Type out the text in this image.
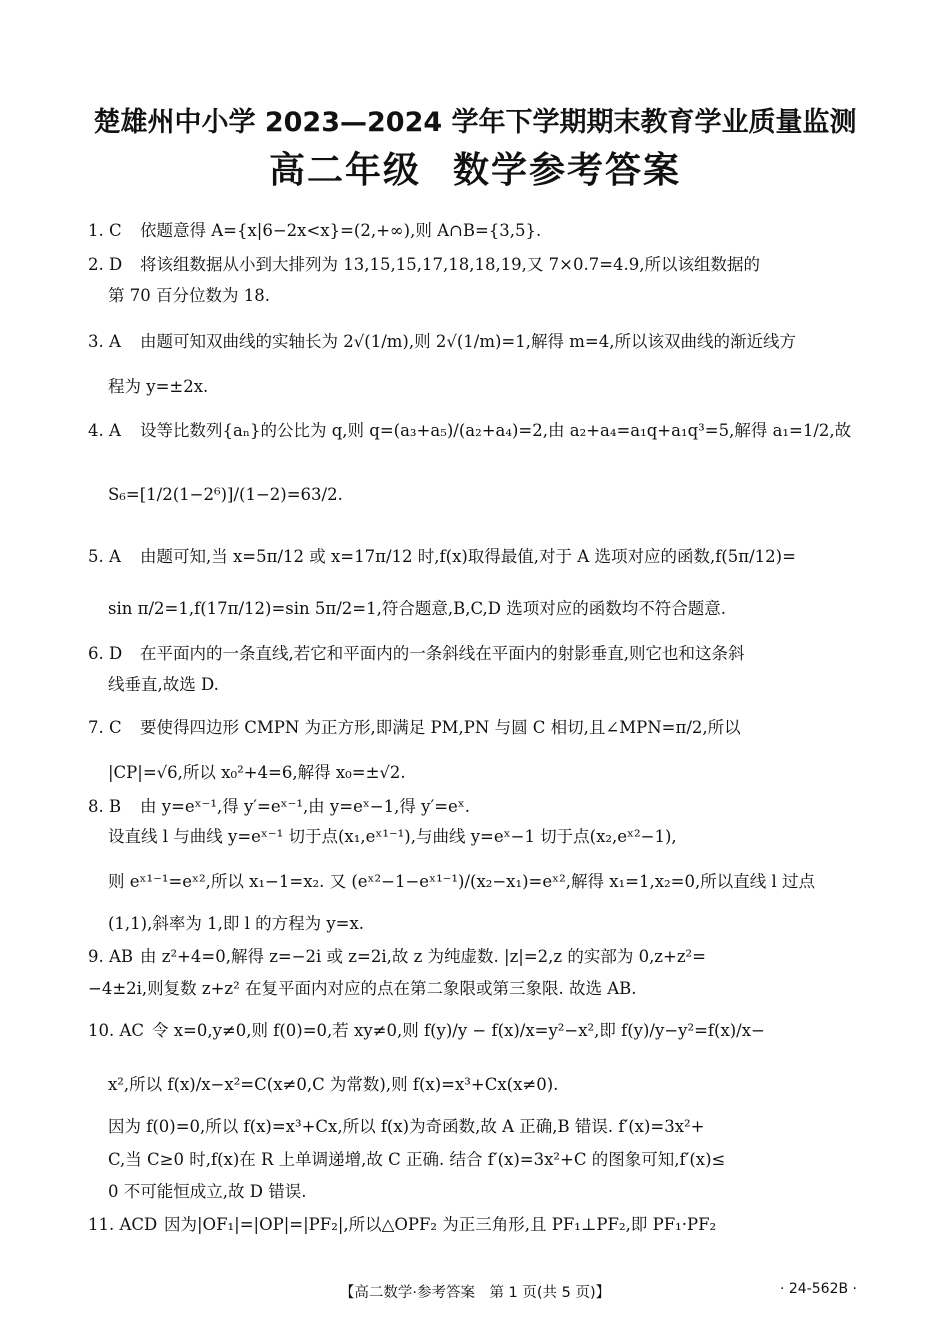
楚雄州中小学 2023—2024 学年下学期期末教育学业质量监测
高二年级 数学参考答案
1. C 依题意得 A={x|6−2x<x}=(2,+∞),则 A∩B={3,5}.
2. D 将该组数据从小到大排列为 13,15,15,17,18,18,19,又 7×0.7=4.9,所以该组数据的
第 70 百分位数为 18.
3. A 由题可知双曲线的实轴长为 2√(1/m),则 2√(1/m)=1,解得 m=4,所以该双曲线的渐近线方
程为 y=±2x.
4. A 设等比数列{aₙ}的公比为 q,则 q=(a₃+a₅)/(a₂+a₄)=2,由 a₂+a₄=a₁q+a₁q³=5,解得 a₁=1/2,故
S₆=[1/2(1−2⁶)]/(1−2)=63/2.
5. A 由题可知,当 x=5π/12 或 x=17π/12 时,f(x)取得最值,对于 A 选项对应的函数,f(5π/12)=
sin π/2=1,f(17π/12)=sin 5π/2=1,符合题意,B,C,D 选项对应的函数均不符合题意.
6. D 在平面内的一条直线,若它和平面内的一条斜线在平面内的射影垂直,则它也和这条斜
线垂直,故选 D.
7. C 要使得四边形 CMPN 为正方形,即满足 PM,PN 与圆 C 相切,且∠MPN=π/2,所以
|CP|=√6,所以 x₀²+4=6,解得 x₀=±√2.
8. B 由 y=eˣ⁻¹,得 y′=eˣ⁻¹,由 y=eˣ−1,得 y′=eˣ.
设直线 l 与曲线 y=eˣ⁻¹ 切于点(x₁,eˣ¹⁻¹),与曲线 y=eˣ−1 切于点(x₂,eˣ²−1),
则 eˣ¹⁻¹=eˣ²,所以 x₁−1=x₂. 又 (eˣ²−1−eˣ¹⁻¹)/(x₂−x₁)=eˣ²,解得 x₁=1,x₂=0,所以直线 l 过点
(1,1),斜率为 1,即 l 的方程为 y=x.
9. AB 由 z²+4=0,解得 z=−2i 或 z=2i,故 z 为纯虚数. |z|=2,z 的实部为 0,z+z²=
−4±2i,则复数 z+z² 在复平面内对应的点在第二象限或第三象限. 故选 AB.
10. AC 令 x=0,y≠0,则 f(0)=0,若 xy≠0,则 f(y)/y − f(x)/x=y²−x²,即 f(y)/y−y²=f(x)/x−
x²,所以 f(x)/x−x²=C(x≠0,C 为常数),则 f(x)=x³+Cx(x≠0).
因为 f(0)=0,所以 f(x)=x³+Cx,所以 f(x)为奇函数,故 A 正确,B 错误. f′(x)=3x²+
C,当 C≥0 时,f(x)在 R 上单调递增,故 C 正确. 结合 f′(x)=3x²+C 的图象可知,f′(x)≤
0 不可能恒成立,故 D 错误.
11. ACD 因为|OF₁|=|OP|=|PF₂|,所以△OPF₂ 为正三角形,且 PF₁⊥PF₂,即 PF₁·PF₂
【高二数学·参考答案　第 1 页(共 5 页)】	· 24-562B ·
